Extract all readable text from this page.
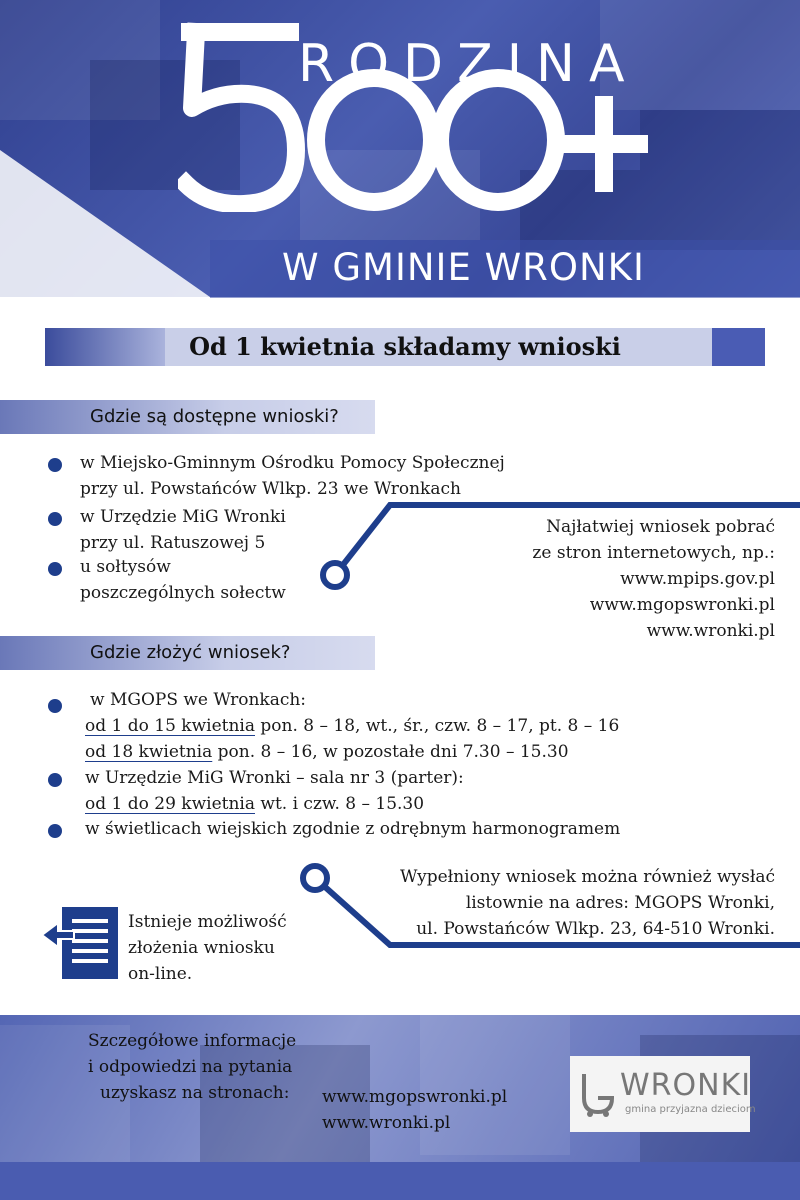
RODZINA
W GMINIE WRONKI
Od 1 kwietnia składamy wnioski
Gdzie są dostępne wnioski?
w Miejsko-Gminnym Ośrodku Pomocy Społecznej
przy ul. Powstańców Wlkp. 23 we Wronkach
w Urzędzie MiG Wronki
przy ul. Ratuszowej 5
u sołtysów
poszczególnych sołectw
Najłatwiej wniosek pobrać
ze stron internetowych, np.:
www.mpips.gov.pl
www.mgopswronki.pl
www.wronki.pl
Gdzie złożyć wniosek?
w MGOPS we Wronkach:
od 1 do 15 kwietnia pon. 8 – 18, wt., śr., czw. 8 – 17, pt. 8 – 16
od 18 kwietnia pon. 8 – 16, w pozostałe dni 7.30 – 15.30
w Urzędzie MiG Wronki – sala nr 3 (parter):
od 1 do 29 kwietnia wt. i czw. 8 – 15.30
w świetlicach wiejskich zgodnie z odrębnym harmonogramem
Wypełniony wniosek można również wysłać
listownie na adres: MGOPS Wronki,
ul. Powstańców Wlkp. 23, 64-510 Wronki.
Istnieje możliwość
złożenia wniosku
on-line.
Szczegółowe informacje
i odpowiedzi na pytania
uzyskasz na stronach: www.mgopswronki.pl
www.wronki.pl
WRONKI
gmina przyjazna dzieciom
